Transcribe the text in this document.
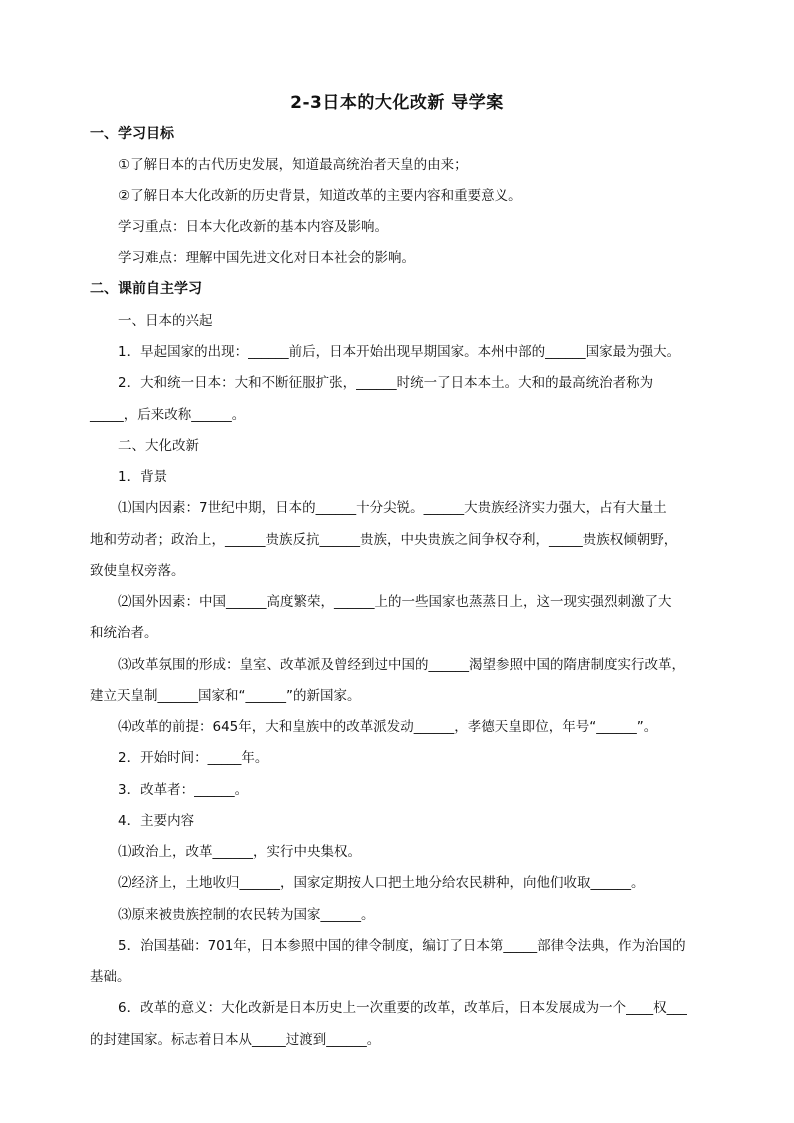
2-3日本的大化改新 导学案
一、学习目标
①了解日本的古代历史发展，知道最高统治者天皇的由来；
②了解日本大化改新的历史背景，知道改革的主要内容和重要意义。
学习重点：日本大化改新的基本内容及影响。
学习难点：理解中国先进文化对日本社会的影响。
二、课前自主学习
一、日本的兴起
1．早起国家的出现：______前后，日本开始出现早期国家。本州中部的______国家最为强大。
2．大和统一日本：大和不断征服扩张，______时统一了日本本土。大和的最高统治者称为
_____，后来改称______。
二、大化改新
1．背景
⑴国内因素：7世纪中期，日本的______十分尖锐。______大贵族经济实力强大，占有大量土
地和劳动者；政治上，______贵族反抗______贵族，中央贵族之间争权夺利，_____贵族权倾朝野，
致使皇权旁落。
⑵国外因素：中国______高度繁荣，______上的一些国家也蒸蒸日上，这一现实强烈刺激了大
和统治者。
⑶改革氛围的形成：皇室、改革派及曾经到过中国的______渴望参照中国的隋唐制度实行改革，
建立天皇制______国家和“______”的新国家。
⑷改革的前提：645年，大和皇族中的改革派发动______，孝德天皇即位，年号“______”。
2．开始时间：_____年。
3．改革者：______。
4．主要内容
⑴政治上，改革______，实行中央集权。
⑵经济上，土地收归______，国家定期按人口把土地分给农民耕种，向他们收取______。
⑶原来被贵族控制的农民转为国家______。
5．治国基础：701年，日本参照中国的律令制度，编订了日本第_____部律令法典，作为治国的
基础。
6．改革的意义：大化改新是日本历史上一次重要的改革，改革后，日本发展成为一个____权___
的封建国家。标志着日本从_____过渡到______。
